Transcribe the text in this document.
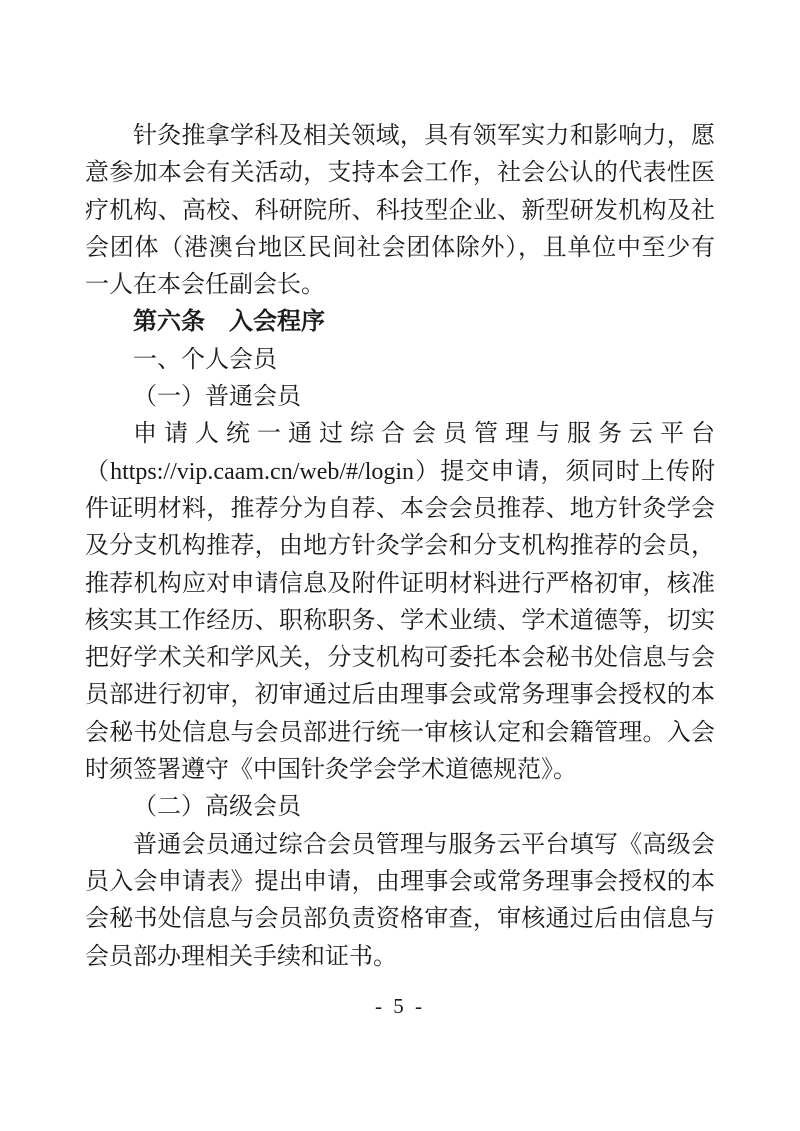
针灸推拿学科及相关领域，具有领军实力和影响力，愿意参加本会有关活动，支持本会工作，社会公认的代表性医疗机构、高校、科研院所、科技型企业、新型研发机构及社会团体（港澳台地区民间社会团体除外），且单位中至少有一人在本会任副会长。

第六条　入会程序

一、个人会员

（一）普通会员

申请人统一通过综合会员管理与服务云平台（https://vip.caam.cn/web/#/login）提交申请，须同时上传附件证明材料，推荐分为自荐、本会会员推荐、地方针灸学会及分支机构推荐，由地方针灸学会和分支机构推荐的会员，推荐机构应对申请信息及附件证明材料进行严格初审，核准核实其工作经历、职称职务、学术业绩、学术道德等，切实把好学术关和学风关，分支机构可委托本会秘书处信息与会员部进行初审，初审通过后由理事会或常务理事会授权的本会秘书处信息与会员部进行统一审核认定和会籍管理。入会时须签署遵守《中国针灸学会学术道德规范》。

（二）高级会员

普通会员通过综合会员管理与服务云平台填写《高级会员入会申请表》提出申请，由理事会或常务理事会授权的本会秘书处信息与会员部负责资格审查，审核通过后由信息与会员部办理相关手续和证书。

- 5 -
